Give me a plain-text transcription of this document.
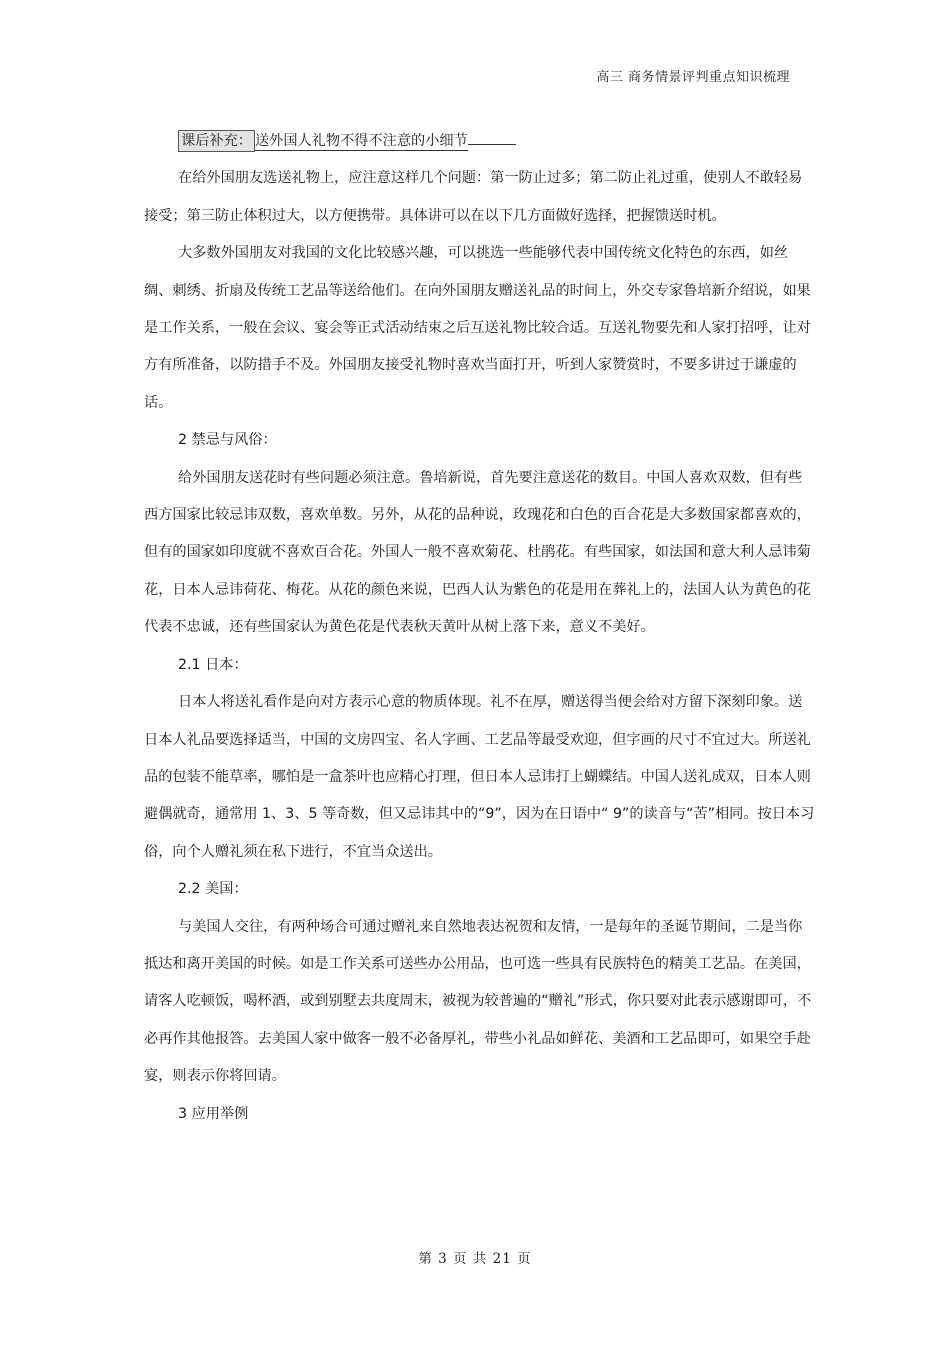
高三 商务情景评判重点知识梳理

课后补充： 送外国人礼物不得不注意的小细节

在给外国朋友选送礼物上，应注意这样几个问题：第一防止过多；第二防止礼过重，使别人不敢轻易接受；第三防止体积过大，以方便携带。具体讲可以在以下几方面做好选择，把握馈送时机。

大多数外国朋友对我国的文化比较感兴趣，可以挑选一些能够代表中国传统文化特色的东西，如丝绸、刺绣、折扇及传统工艺品等送给他们。在向外国朋友赠送礼品的时间上，外交专家鲁培新介绍说，如果是工作关系，一般在会议、宴会等正式活动结束之后互送礼物比较合适。互送礼物要先和人家打招呼，让对方有所准备，以防措手不及。外国朋友接受礼物时喜欢当面打开，听到人家赞赏时，不要多讲过于谦虚的话。

2 禁忌与风俗：

给外国朋友送花时有些问题必须注意。鲁培新说，首先要注意送花的数目。中国人喜欢双数，但有些西方国家比较忌讳双数，喜欢单数。另外，从花的品种说，玫瑰花和白色的百合花是大多数国家都喜欢的，但有的国家如印度就不喜欢百合花。外国人一般不喜欢菊花、杜鹃花。有些国家，如法国和意大利人忌讳菊花，日本人忌讳荷花、梅花。从花的颜色来说，巴西人认为紫色的花是用在葬礼上的，法国人认为黄色的花代表不忠诚，还有些国家认为黄色花是代表秋天黄叶从树上落下来，意义不美好。

2.1 日本：

日本人将送礼看作是向对方表示心意的物质体现。礼不在厚，赠送得当便会给对方留下深刻印象。送日本人礼品要选择适当，中国的文房四宝、名人字画、工艺品等最受欢迎，但字画的尺寸不宜过大。所送礼品的包装不能草率，哪怕是一盒茶叶也应精心打理，但日本人忌讳打上蝴蝶结。中国人送礼成双，日本人则避偶就奇，通常用 1、3、5 等奇数，但又忌讳其中的“9”，因为在日语中“ 9”的读音与“苦”相同。按日本习俗，向个人赠礼须在私下进行，不宜当众送出。

2.2 美国：

与美国人交往，有两种场合可通过赠礼来自然地表达祝贺和友情，一是每年的圣诞节期间，二是当你抵达和离开美国的时候。如是工作关系可送些办公用品，也可选一些具有民族特色的精美工艺品。在美国，请客人吃顿饭，喝杯酒，或到别墅去共度周末，被视为较普遍的“赠礼”形式，你只要对此表示感谢即可，不必再作其他报答。去美国人家中做客一般不必备厚礼，带些小礼品如鲜花、美酒和工艺品即可，如果空手赴宴，则表示你将回请。

3 应用举例

第 3 页 共 21 页
